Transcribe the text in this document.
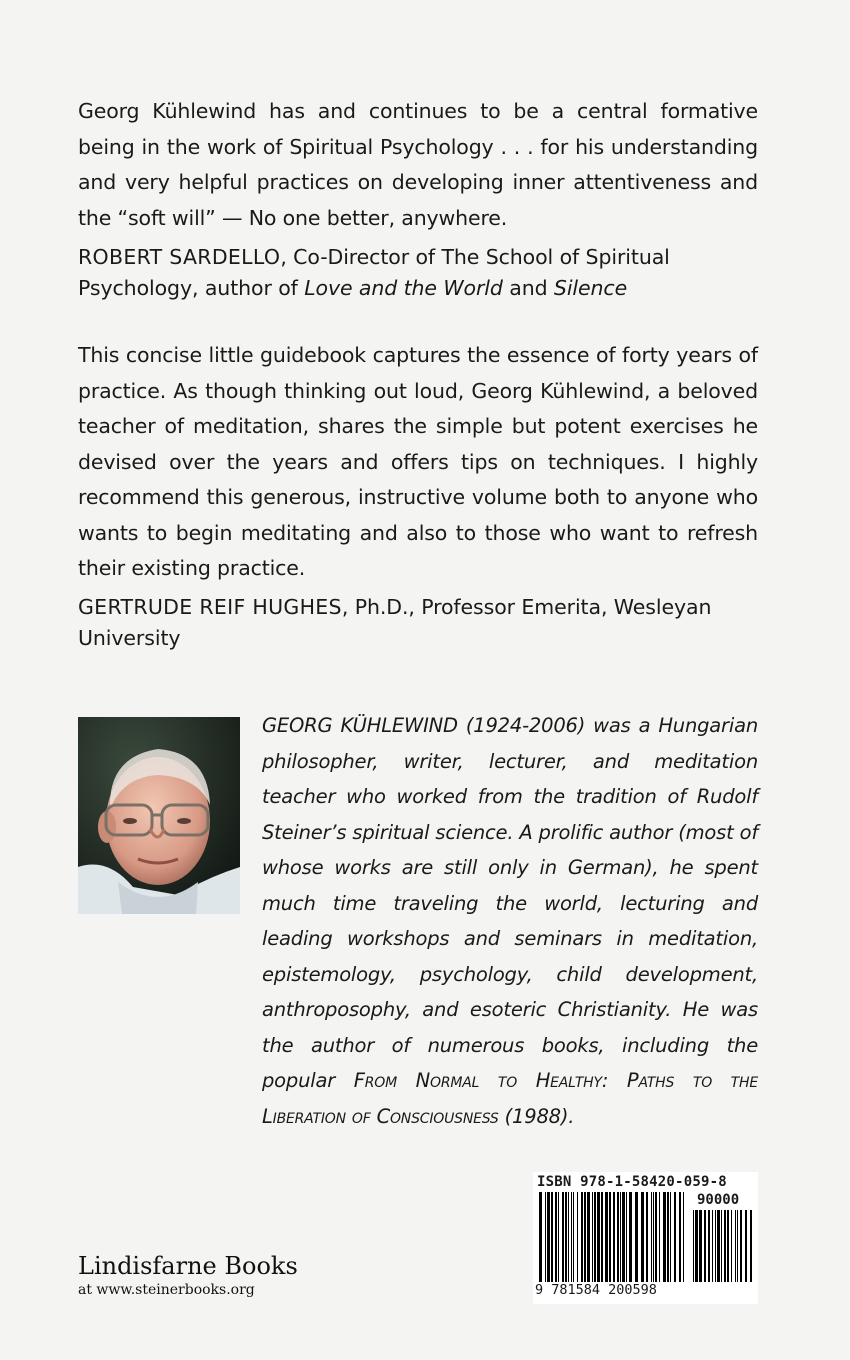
Georg Kühlewind has and continues to be a central formative being in the work of Spiritual Psychology . . . for his understanding and very helpful practices on developing inner attentiveness and the “soft will” — No one better, anywhere.

ROBERT SARDELLO, Co-Director of The School of Spiritual Psychology, author of Love and the World and Silence

This concise little guidebook captures the essence of forty years of practice. As though thinking out loud, Georg Kühlewind, a beloved teacher of meditation, shares the simple but potent exercises he devised over the years and offers tips on techniques. I highly recommend this generous, instructive volume both to anyone who wants to begin meditating and also to those who want to refresh their existing practice.

GERTRUDE REIF HUGHES, Ph.D., Professor Emerita, Wesleyan University

GEORG KÜHLEWIND (1924-2006) was a Hungarian philosopher, writer, lecturer, and meditation teacher who worked from the tradition of Rudolf Steiner’s spiritual science. A prolific author (most of whose works are still only in German), he spent much time traveling the world, lecturing and leading workshops and seminars in meditation, epistemology, psychology, child development, anthroposophy, and esoteric Christianity. He was the author of numerous books, including the popular From Normal to Healthy: Paths to the Liberation of Consciousness (1988).

Lindisfarne Books
at www.steinerbooks.org
ISBN 978-1-58420-059-8
90000
9 781584 200598
